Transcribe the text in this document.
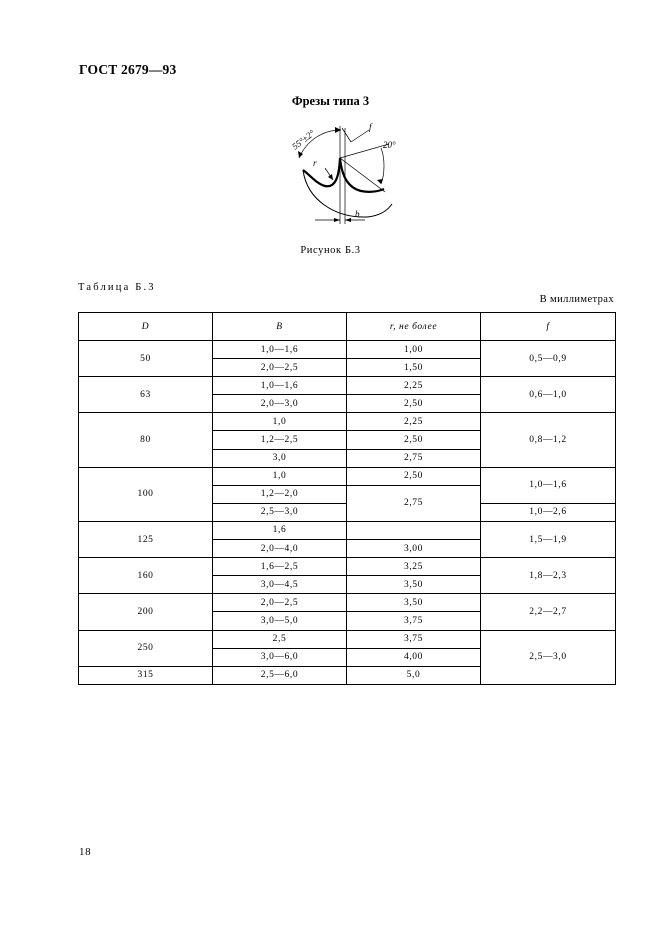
ГОСТ 2679—93
Фрезы типа 3
55°±2°	20°
r
f
b
Рисунок Б.3
Таблица Б.3
В миллиметрах
D	B	r, не более	f
50	1,0—1,6	1,00	0,5—0,9
	2,0—2,5	1,50	
63	1,0—1,6	2,25	0,6—1,0
	2,0—3,0	2,50	
80	1,0	2,25	0,8—1,2
	1,2—2,5	2,50	
	3,0	2,75	
100	1,0	2,50	1,0—1,6
	1,2—2,0	2,75	
	2,5—3,0		1,0—2,6
125	1,6		1,5—1,9
	2,0—4,0	3,00	
160	1,6—2,5	3,25	1,8—2,3
	3,0—4,5	3,50	
200	2,0—2,5	3,50	2,2—2,7
	3,0—5,0	3,75	
250	2,5	3,75	2,5—3,0
	3,0—6,0	4,00	
315	2,5—6,0	5,0	
18
